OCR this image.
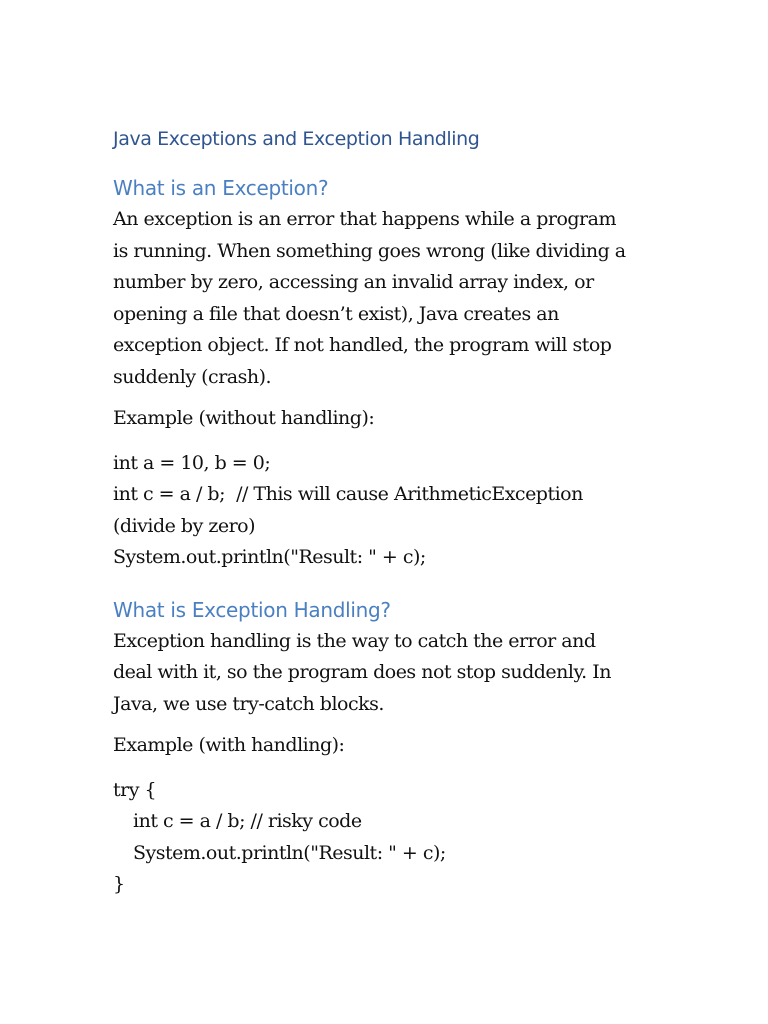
Java Exceptions and Exception Handling
What is an Exception?
An exception is an error that happens while a program
is running. When something goes wrong (like dividing a
number by zero, accessing an invalid array index, or
opening a file that doesn’t exist), Java creates an
exception object. If not handled, the program will stop
suddenly (crash).

Example (without handling):

int a = 10, b = 0;
int c = a / b;  // This will cause ArithmeticException
(divide by zero)
System.out.println("Result: " + c);
What is Exception Handling?
Exception handling is the way to catch the error and
deal with it, so the program does not stop suddenly. In
Java, we use try-catch blocks.

Example (with handling):

try {
int c = a / b; // risky code
System.out.println("Result: " + c);
}
